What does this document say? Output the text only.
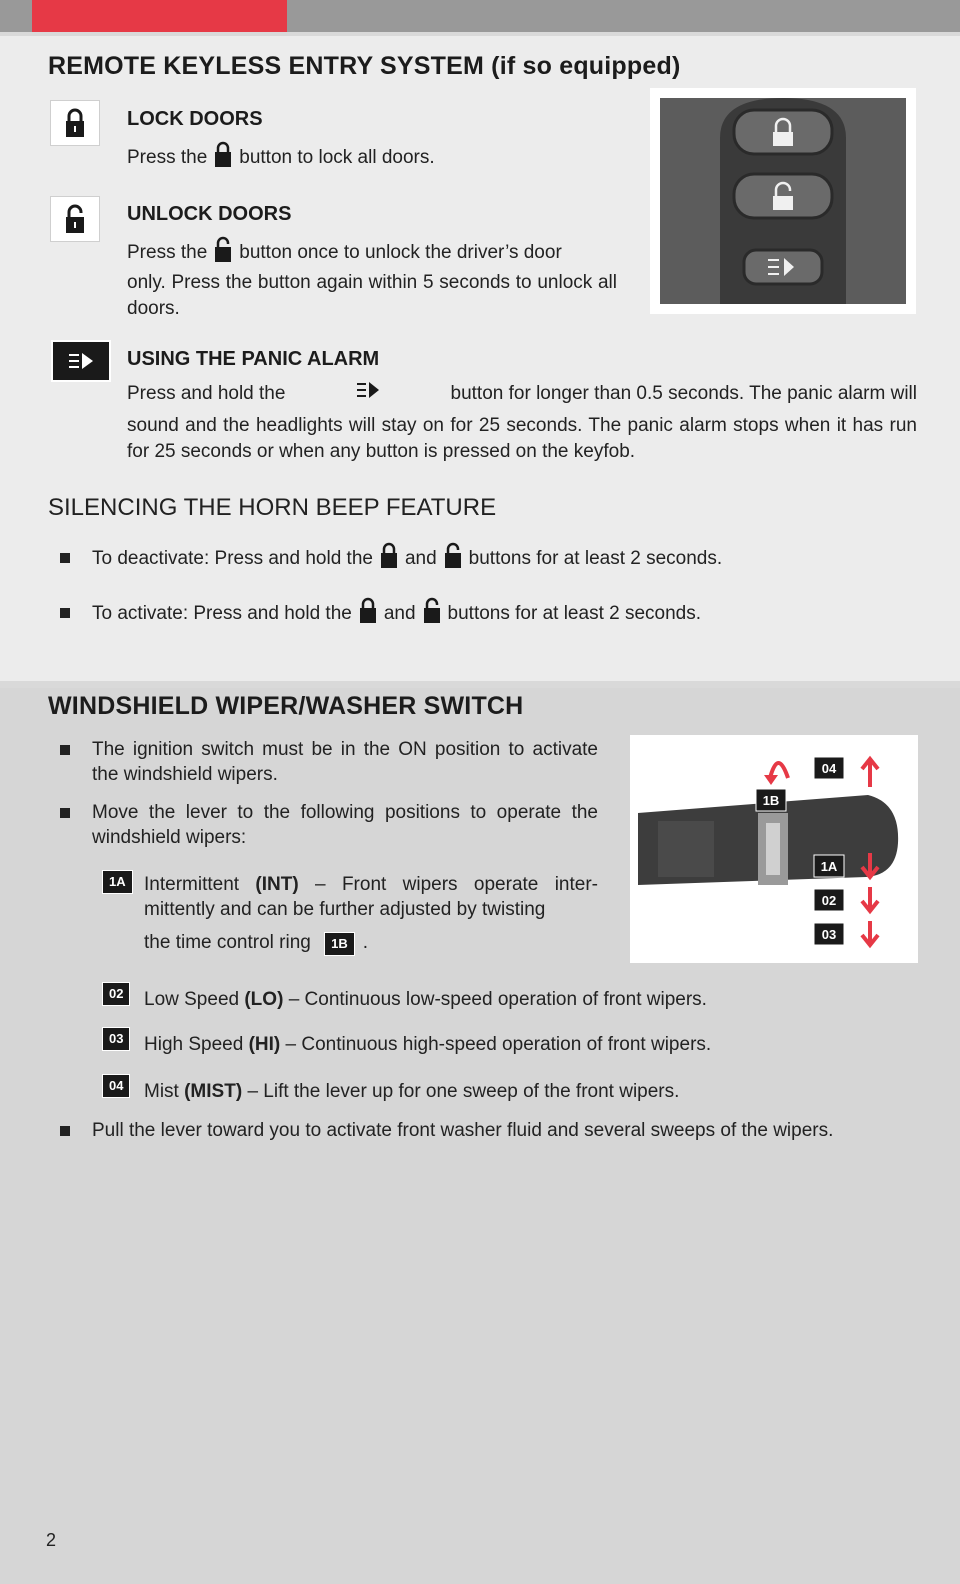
REMOTE KEYLESS ENTRY SYSTEM (if so equipped)
LOCK DOORS
Press the button to lock all doors.
UNLOCK DOORS
Press the button once to unlock the driver’s door
only. Press the button again within 5 seconds to unlock all doors.
USING THE PANIC ALARM
Press and hold the	button for longer than 0.5 seconds. The panic alarm will
sound and the headlights will stay on for 25 seconds. The panic alarm stops when it has run for 25 seconds or when any button is pressed on the keyfob.
SILENCING THE HORN BEEP FEATURE
To deactivate: Press and hold the and buttons for at least 2 seconds.
To activate: Press and hold the and buttons for at least 2 seconds.
WINDSHIELD WIPER/WASHER SWITCH
The ignition switch must be in the ON position to activate the windshield wipers.
Move the lever to the following positions to operate the windshield wipers:
1A Intermittent (INT) – Front wipers operate inter-mittently and can be further adjusted by twisting
the time control ring 1B .
04
1B
1A
02
03
02	Low Speed (LO) – Continuous low-speed operation of front wipers.
03	High Speed (HI) – Continuous high-speed operation of front wipers.
04	Mist (MIST) – Lift the lever up for one sweep of the front wipers.
Pull the lever toward you to activate front washer fluid and several sweeps of the wipers.
2
